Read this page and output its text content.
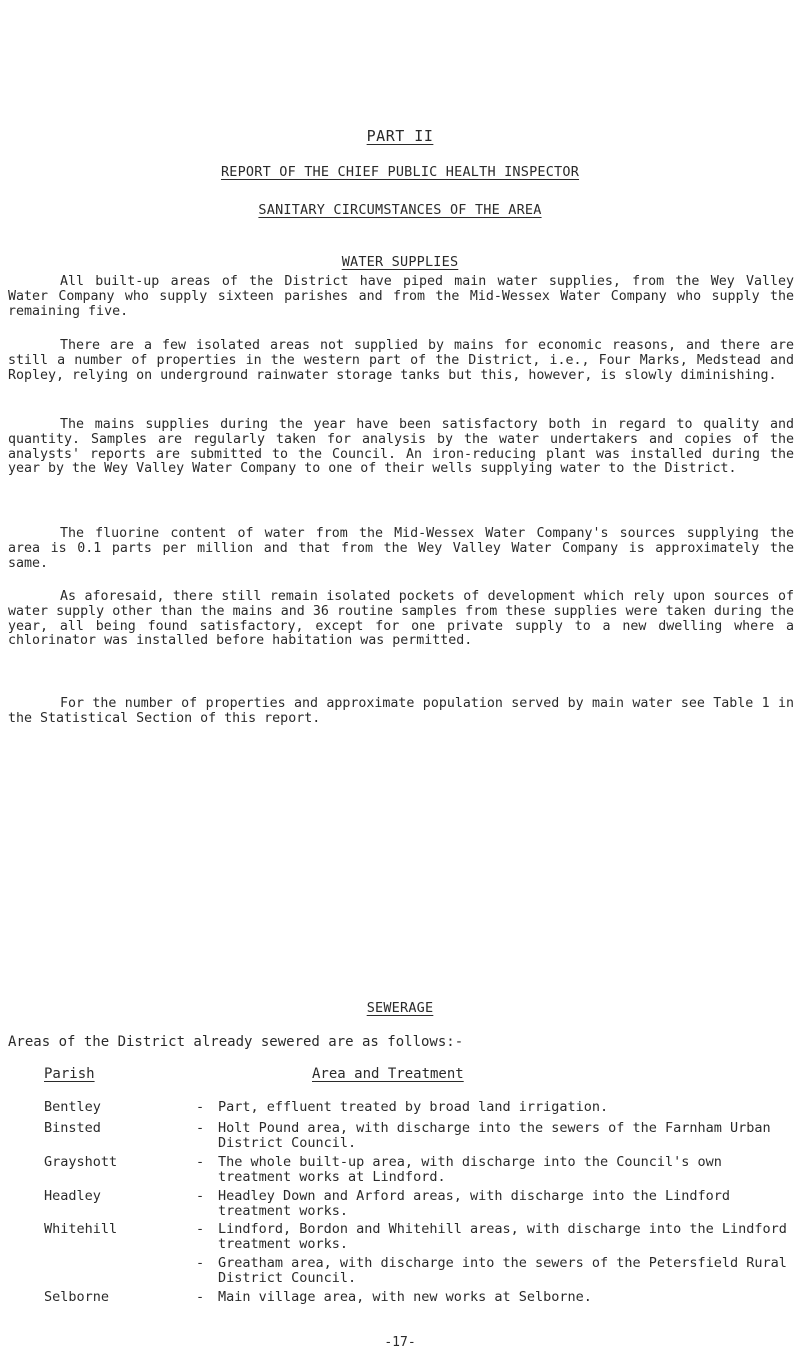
PART II
REPORT OF THE CHIEF PUBLIC HEALTH INSPECTOR
SANITARY CIRCUMSTANCES OF THE AREA
WATER SUPPLIES

All built-up areas of the District have piped main water supplies, from the Wey Valley Water Company who supply sixteen parishes and from the Mid-Wessex Water Company who supply the remaining five.

There are a few isolated areas not supplied by mains for economic reasons, and there are still a number of properties in the western part of the District, i.e., Four Marks, Medstead and Ropley, relying on underground rainwater storage tanks but this, however, is slowly diminishing.

The mains supplies during the year have been satisfactory both in regard to quality and quantity. Samples are regularly taken for analysis by the water undertakers and copies of the analysts' reports are submitted to the Council. An iron-reducing plant was installed during the year by the Wey Valley Water Company to one of their wells supplying water to the District.

The fluorine content of water from the Mid-Wessex Water Company's sources supplying the area is 0.1 parts per million and that from the Wey Valley Water Company is approximately the same.

As aforesaid, there still remain isolated pockets of development which rely upon sources of water supply other than the mains and 36 routine samples from these supplies were taken during the year, all being found satisfactory, except for one private supply to a new dwelling where a chlorinator was installed before habitation was permitted.

For the number of properties and approximate population served by main water see Table 1 in the Statistical Section of this report.

SEWERAGE
Areas of the District already sewered are as follows:-
Parish	Area and Treatment
Bentley	- Part, effluent treated by broad land irrigation.
Binsted	- Holt Pound area, with discharge into the sewers of the Farnham Urban District Council.
Grayshott	- The whole built-up area, with discharge into the Council's own treatment works at Lindford.
Headley	- Headley Down and Arford areas, with discharge into the Lindford treatment works.
Whitehill	- Lindford, Bordon and Whitehill areas, with discharge into the Lindford treatment works.
- Greatham area, with discharge into the sewers of the Petersfield Rural District Council.
Selborne	- Main village area, with new works at Selborne.
-17-
